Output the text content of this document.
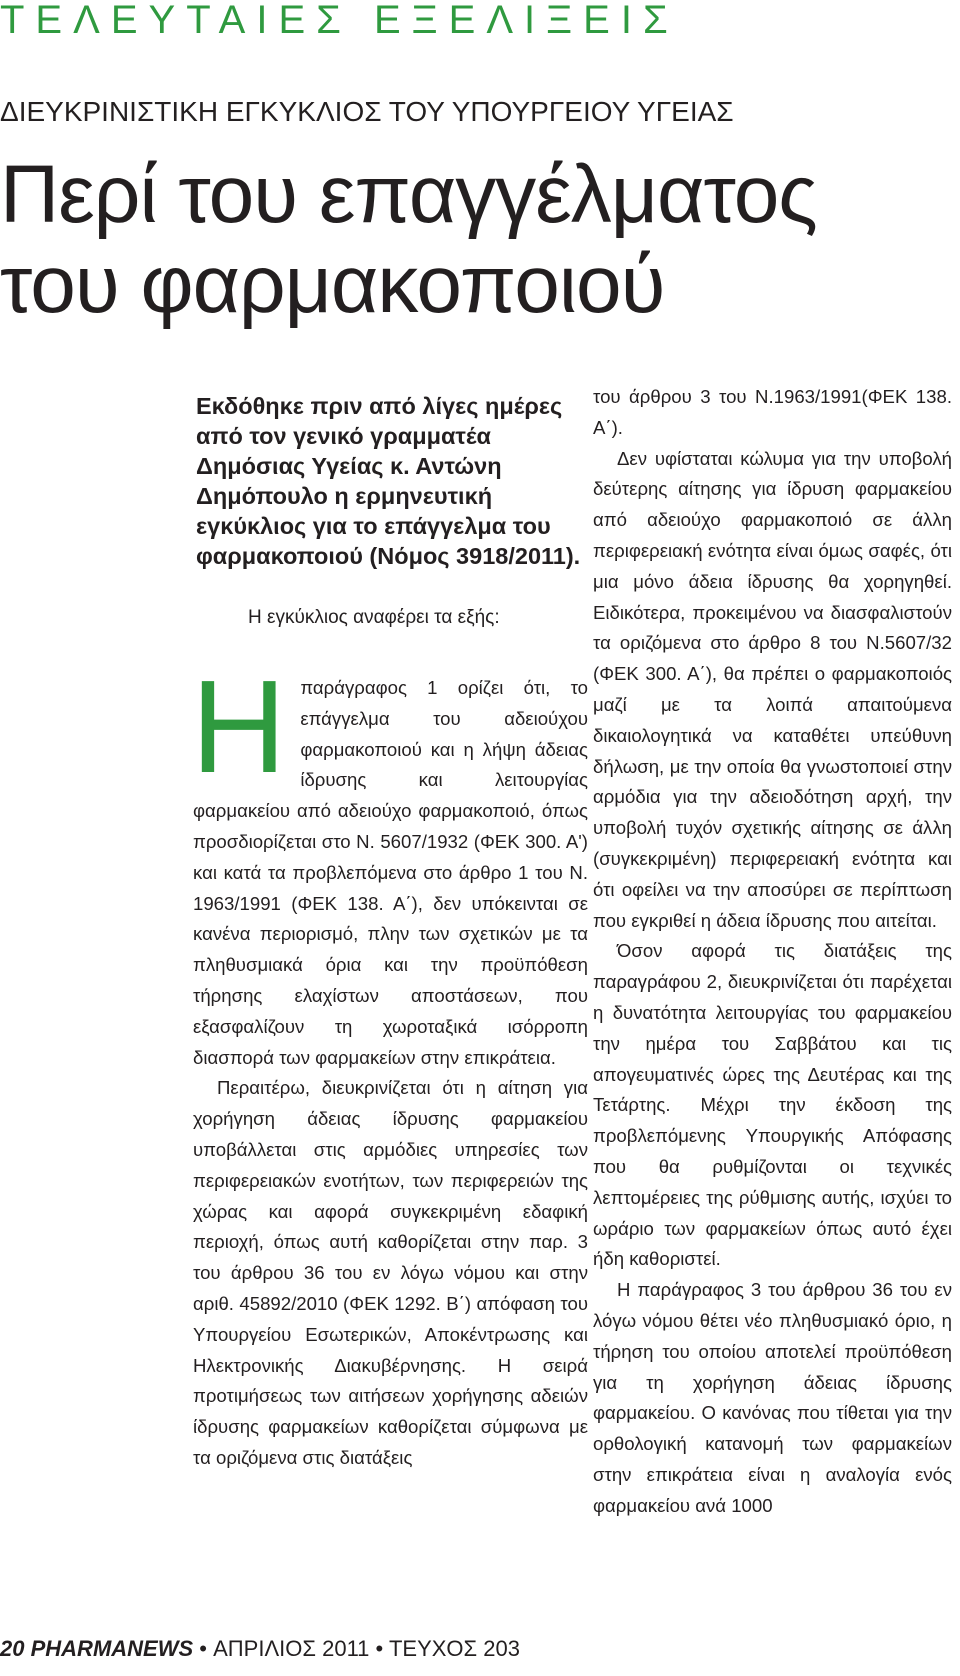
ΤΕΛΕΥΤΑΙΕΣ ΕΞΕΛΙΞΕΙΣ
ΔΙΕΥΚΡΙΝΙΣΤΙΚΗ ΕΓΚΥΚΛΙΟΣ ΤΟΥ ΥΠΟΥΡΓΕΙΟΥ ΥΓΕΙΑΣ
Περί του επαγγέλματος
του φαρμακοποιού

Εκδόθηκε πριν από λίγες ημέρες από τον γενικό γραμματέα Δημόσιας Υγείας κ. Αντώνη Δημόπουλο η ερμηνευτική εγκύκλιος για το επάγγελμα του φαρμακοποιού (Νόμος 3918/2011).

Η εγκύκλιος αναφέρει τα εξής:

Η παράγραφος 1 ορίζει ότι, το επάγγελμα του αδειούχου φαρμακοποιού και η λήψη άδειας ίδρυσης και λειτουργίας φαρμακείου από αδειούχο φαρμακοποιό, όπως προσδιορίζεται στο Ν. 5607/1932 (ΦΕΚ 300. Α') και κατά τα προβλεπόμενα στο άρθρο 1 του Ν. 1963/1991 (ΦΕΚ 138. Α΄), δεν υπόκεινται σε κανένα περιορισμό, πλην των σχετικών με τα πληθυσμιακά όρια και την προϋπόθεση τήρησης ελαχίστων αποστάσεων, που εξασφαλίζουν τη χωροταξικά ισόρροπη διασπορά των φαρμακείων στην επικράτεια.

Περαιτέρω, διευκρινίζεται ότι η αίτηση για χορήγηση άδειας ίδρυσης φαρμακείου υποβάλλεται στις αρμόδιες υπηρεσίες των περιφερειακών ενοτήτων, των περιφερειών της χώρας και αφορά συγκεκριμένη εδαφική περιοχή, όπως αυτή καθορίζεται στην παρ. 3 του άρθρου 36 του εν λόγω νόμου και στην αριθ. 45892/2010 (ΦΕΚ 1292. Β΄) απόφαση του Υπουργείου Εσωτερικών, Αποκέντρωσης και Ηλεκτρονικής Διακυβέρνησης. Η σειρά προτιμήσεως των αιτήσεων χορήγησης αδειών ίδρυσης φαρμακείων καθορίζεται σύμφωνα με τα οριζόμενα στις διατάξεις

του άρθρου 3 του Ν.1963/1991(ΦΕΚ 138. Α΄).

Δεν υφίσταται κώλυμα για την υποβολή δεύτερης αίτησης για ίδρυση φαρμακείου από αδειούχο φαρμακοποιό σε άλλη περιφερειακή ενότητα είναι όμως σαφές, ότι μια μόνο άδεια ίδρυσης θα χορηγηθεί. Ειδικότερα, προκειμένου να διασφαλιστούν τα οριζόμενα στο άρθρο 8 του Ν.5607/32 (ΦΕΚ 300. Α΄), θα πρέπει ο φαρμακοποιός μαζί με τα λοιπά απαιτούμενα δικαιολογητικά να καταθέτει υπεύθυνη δήλωση, με την οποία θα γνωστοποιεί στην αρμόδια για την αδειοδότηση αρχή, την υποβολή τυχόν σχετικής αίτησης σε άλλη (συγκεκριμένη) περιφερειακή ενότητα και ότι οφείλει να την αποσύρει σε περίπτωση που εγκριθεί η άδεια ίδρυσης που αιτείται.

Όσον αφορά τις διατάξεις της παραγράφου 2, διευκρινίζεται ότι παρέχεται η δυνατότητα λειτουργίας του φαρμακείου την ημέρα του Σαββάτου και τις απογευματινές ώρες της Δευτέρας και της Τετάρτης. Μέχρι την έκδοση της προβλεπόμενης Υπουργικής Απόφασης που θα ρυθμίζονται οι τεχνικές λεπτομέρειες της ρύθμισης αυτής, ισχύει το ωράριο των φαρμακείων όπως αυτό έχει ήδη καθοριστεί.

Η παράγραφος 3 του άρθρου 36 του εν λόγω νόμου θέτει νέο πληθυσμιακό όριο, η τήρηση του οποίου αποτελεί προϋπόθεση για τη χορήγηση άδειας ίδρυσης φαρμακείου. Ο κανόνας που τίθεται για την ορθολογική κατανομή των φαρμακείων στην επικράτεια είναι η αναλογία ενός φαρμακείου ανά 1000

20 PHARMANEWS • ΑΠΡΙΛΙΟΣ 2011 • ΤΕΥΧΟΣ 203
